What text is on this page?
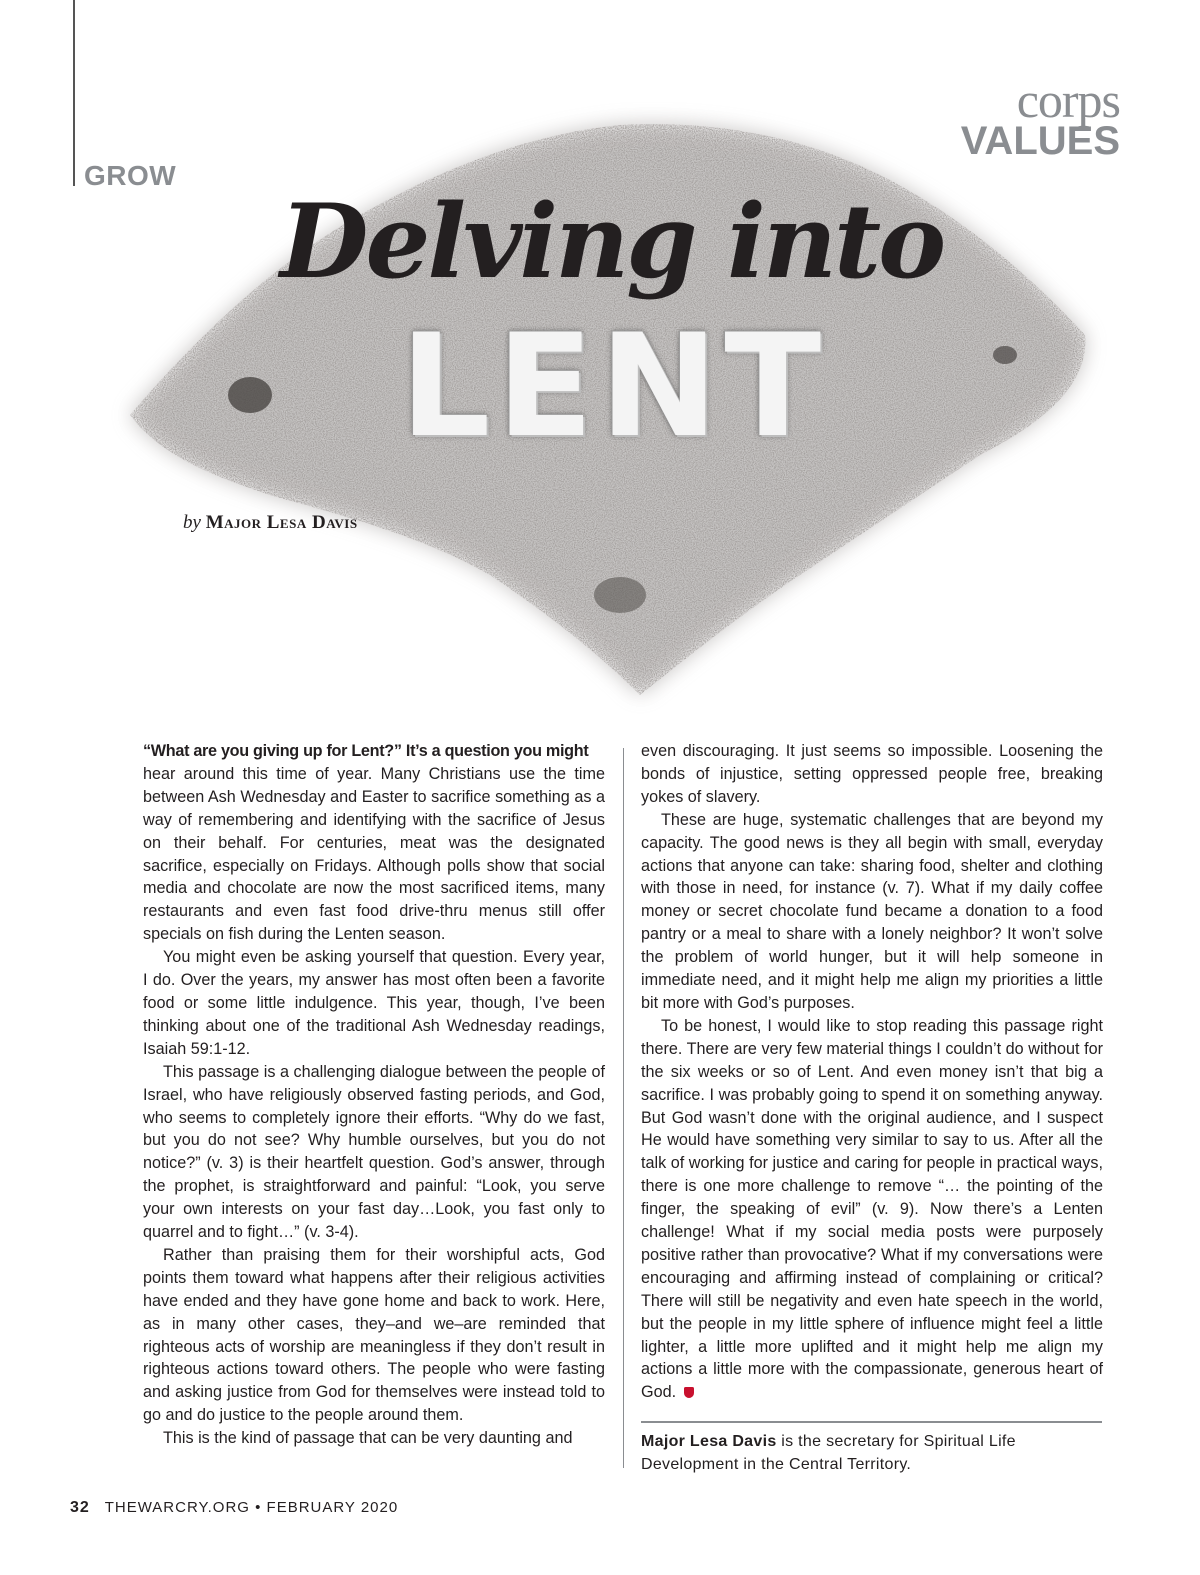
GROW
corps
VALUES
Delving into
LENT
by Major Lesa Davis
“What are you giving up for Lent?” It’s a question you might

hear around this time of year. Many Christians use the time between Ash Wednesday and Easter to sacrifice something as a way of remembering and identifying with the sacrifice of Jesus on their behalf. For centuries, meat was the designated sacrifice, especially on Fridays. Although polls show that social media and chocolate are now the most sacrificed items, many restaurants and even fast food drive-thru menus still offer specials on fish during the Lenten season.

You might even be asking yourself that question. Every year, I do. Over the years, my answer has most often been a favorite food or some little indulgence. This year, though, I’ve been thinking about one of the traditional Ash Wednesday readings, Isaiah 59:1-12.

This passage is a challenging dialogue between the people of Israel, who have religiously observed fasting periods, and God, who seems to completely ignore their efforts. “Why do we fast, but you do not see? Why humble ourselves, but you do not notice?” (v. 3) is their heartfelt question. God’s answer, through the prophet, is straightforward and painful: “Look, you serve your own interests on your fast day…Look, you fast only to quarrel and to fight…” (v. 3-4).

Rather than praising them for their worshipful acts, God points them toward what happens after their religious activities have ended and they have gone home and back to work. Here, as in many other cases, they–and we–are reminded that righteous acts of worship are meaningless if they don’t result in righteous actions toward others. The people who were fasting and asking justice from God for themselves were instead told to go and do justice to the people around them.

This is the kind of passage that can be very daunting and

even discouraging. It just seems so impossible. Loosening the bonds of injustice, setting oppressed people free, breaking yokes of slavery.

These are huge, systematic challenges that are beyond my capacity. The good news is they all begin with small, everyday actions that anyone can take: sharing food, shelter and clothing with those in need, for instance (v. 7). What if my daily coffee money or secret chocolate fund became a donation to a food pantry or a meal to share with a lonely neighbor? It won’t solve the problem of world hunger, but it will help someone in immediate need, and it might help me align my priorities a little bit more with God’s purposes.

To be honest, I would like to stop reading this passage right there. There are very few material things I couldn’t do without for the six weeks or so of Lent. And even money isn’t that big a sacrifice. I was probably going to spend it on something anyway. But God wasn’t done with the original audience, and I suspect He would have something very similar to say to us. After all the talk of working for justice and caring for people in practical ways, there is one more challenge to remove “… the pointing of the finger, the speaking of evil” (v. 9). Now there’s a Lenten challenge! What if my social media posts were purposely positive rather than provocative? What if my conversations were encouraging and affirming instead of complaining or critical? There will still be negativity and even hate speech in the world, but the people in my little sphere of influence might feel a little lighter, a little more uplifted and it might help me align my actions a little more with the compassionate, generous heart of God.

Major Lesa Davis is the secretary for Spiritual Life Development in the Central Territory.
32 THEWARCRY.ORG • FEBRUARY 2020
